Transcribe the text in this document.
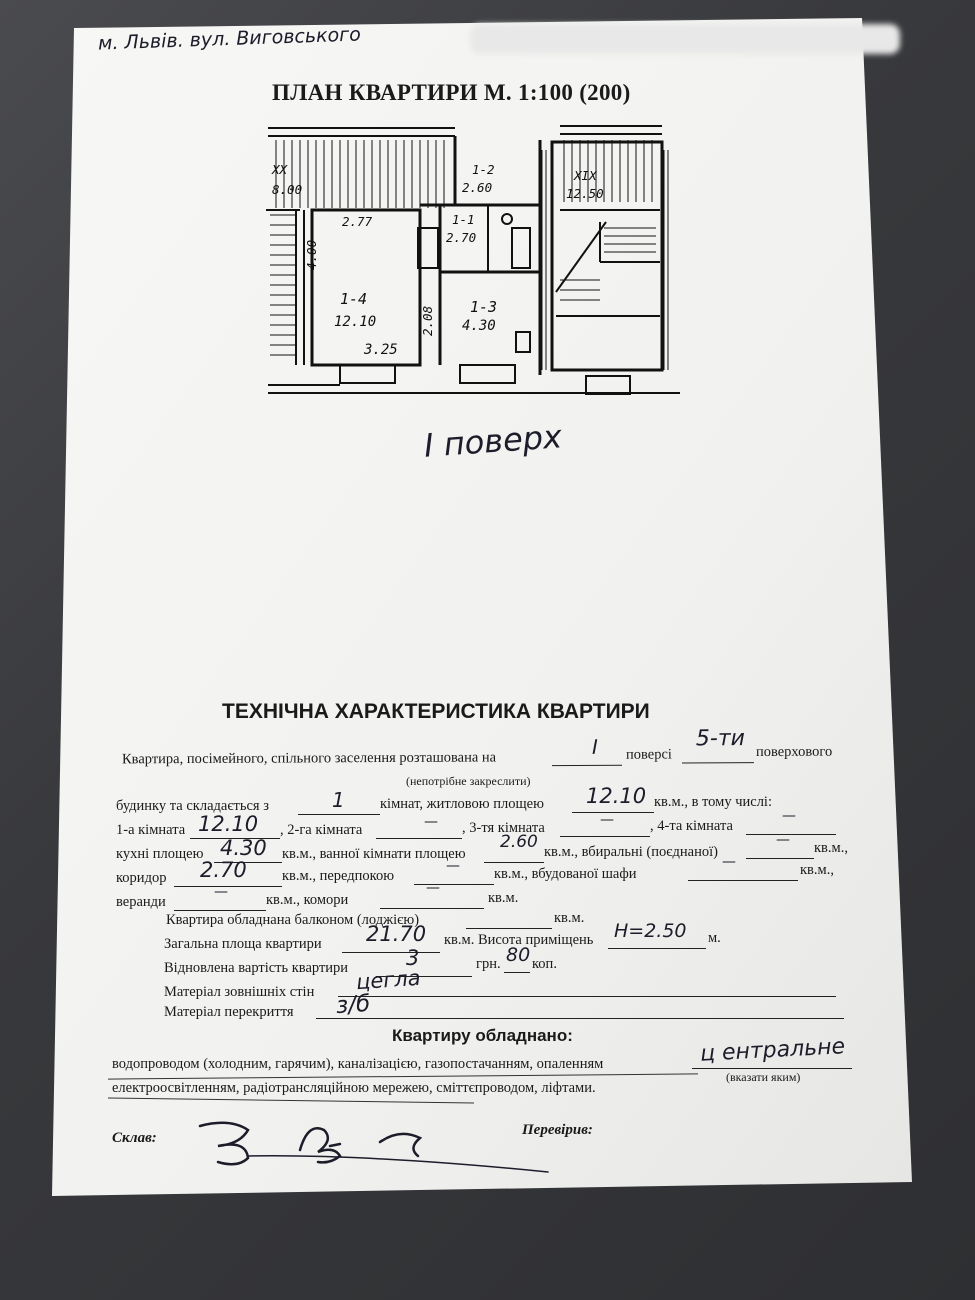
м. Львів. вул. Виговського
ПЛАН КВАРТИРИ М. 1:100 (200)
XX
8.00
1-2
2.60
XIX
12.50
2.77	1-1
2.70
4.00
1-4
12.10	2.08 1-3
4.30
3.25
I поверх
ТЕХНІЧНА ХАРАКТЕРИСТИКА КВАРТИРИ
Квартира, посімейного, спільного заселення розташована на	I поверсі
5-ти
поверхового
(непотрібне закреслити)
будинку та складається з	1 кімнат, житловою площею 12.10 кв.м., в тому числі:
1-а кімната 12.10 , 2-га кімната	— , 3-тя кімната	— , 4-та кімната
—
кухні площею 4.30 кв.м., ванної кімнати площею
2.60 кв.м., вбиральні (поєднаної)
— кв.м.,
коридор 2.70 кв.м., передпокою
— кв.м., вбудованої шафи
—	кв.м.,
веранди
—	кв.м., комори
—
кв.м.
Квартира обладнана балконом (лоджією)	кв.м.
Загальна площа квартири 21.70 кв.м. Висота приміщень H=2.50 м.
Відновлена вартість квартири	3	грн. 80 коп.
Матеріал зовнішніх стін цегла
Матеріал перекриття з/б
Квартиру обладнано:
водопроводом (холодним, гарячим), каналізацією, газопостачанням, опаленням	ц ентральне
(вказати яким)
електроосвітленням, радіотрансляційною мережею, сміттєпроводом, ліфтами.
Склав:	Перевірив:
